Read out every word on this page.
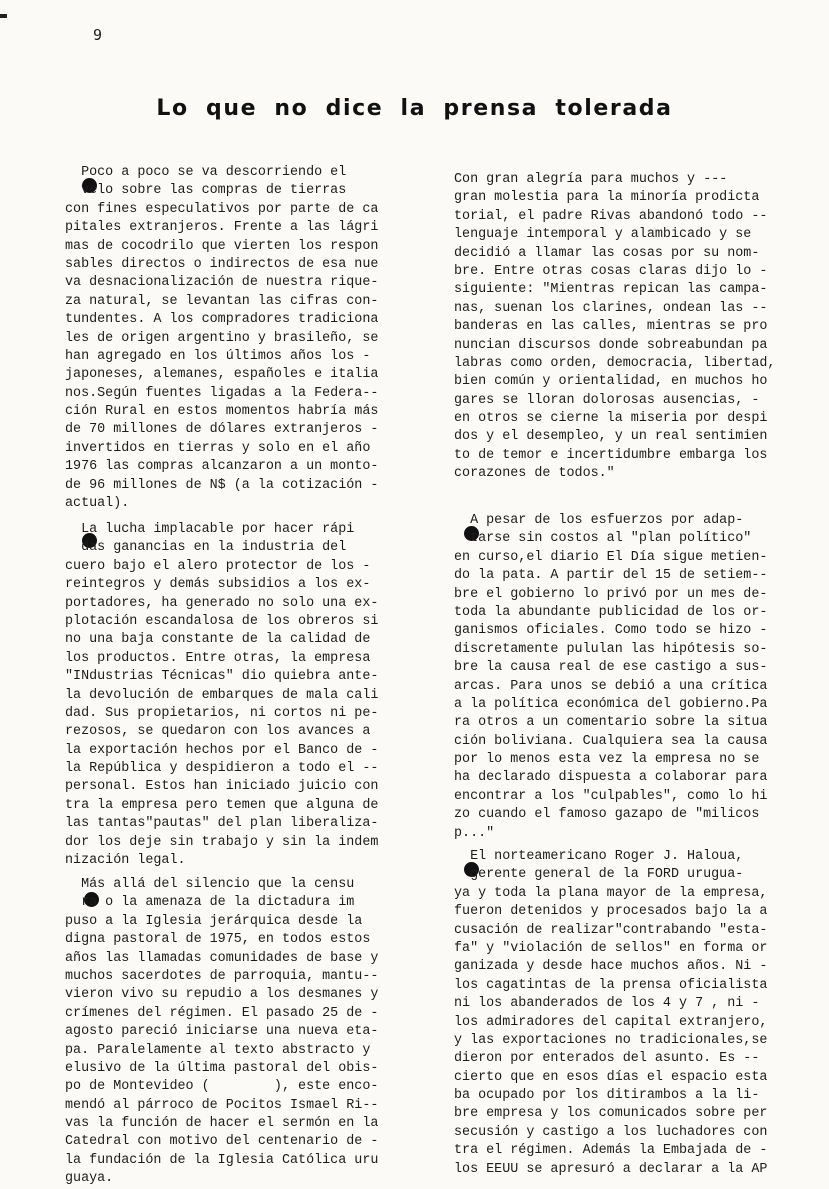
9
Lo que no dice la prensa tolerada
Poco a poco se va descorriendo el
velo sobre las compras de tierras
con fines especulativos por parte de ca
pitales extranjeros. Frente a las lágri
mas de cocodrilo que vierten los respon
sables directos o indirectos de esa nue
va desnacionalización de nuestra rique-
za natural, se levantan las cifras con-
tundentes. A los compradores tradiciona
les de origen argentino y brasileño, se
han agregado en los últimos años los -
japoneses, alemanes, españoles e italia
nos.Según fuentes ligadas a la Federa--
ción Rural en estos momentos habría más
de 70 millones de dólares extranjeros -
invertidos en tierras y solo en el año
1976 las compras alcanzaron a un monto-
de 96 millones de N$ (a la cotización -
actual).
La lucha implacable por hacer rápi
das ganancias en la industria del
cuero bajo el alero protector de los -
reintegros y demás subsidios a los ex-
portadores, ha generado no solo una ex-
plotación escandalosa de los obreros si
no una baja constante de la calidad de
los productos. Entre otras, la empresa
"INdustrias Técnicas" dio quiebra ante-
la devolución de embarques de mala cali
dad. Sus propietarios, ni cortos ni pe-
rezosos, se quedaron con los avances a
la exportación hechos por el Banco de -
la República y despidieron a todo el --
personal. Estos han iniciado juicio con
tra la empresa pero temen que alguna de
las tantas"pautas" del plan liberaliza-
dor los deje sin trabajo y sin la indem
nización legal.
Más allá del silencio que la censu
ra o la amenaza de la dictadura im
puso a la Iglesia jerárquica desde la
digna pastoral de 1975, en todos estos
años las llamadas comunidades de base y
muchos sacerdotes de parroquia, mantu--
vieron vivo su repudio a los desmanes y
crímenes del régimen. El pasado 25 de -
agosto pareció iniciarse una nueva eta-
pa. Paralelamente al texto abstracto y
elusivo de la última pastoral del obis-
po de Montevideo (        ), este enco-
mendó al párroco de Pocitos Ismael Ri--
vas la función de hacer el sermón en la
Catedral con motivo del centenario de -
la fundación de la Iglesia Católica uru
guaya.
Con gran alegría para muchos y ---
gran molestia para la minoría prodicta
torial, el padre Rivas abandonó todo --
lenguaje intemporal y alambicado y se
decidió a llamar las cosas por su nom-
bre. Entre otras cosas claras dijo lo -
siguiente: "Mientras repican las campa-
nas, suenan los clarines, ondean las --
banderas en las calles, mientras se pro
nuncian discursos donde sobreabundan pa
labras como orden, democracia, libertad,
bien común y orientalidad, en muchos ho
gares se lloran dolorosas ausencias, -
en otros se cierne la miseria por despi
dos y el desempleo, y un real sentimien
to de temor e incertidumbre embarga los
corazones de todos."
A pesar de los esfuerzos por adap-
tarse sin costos al "plan político"
en curso,el diario El Día sigue metien-
do la pata. A partir del 15 de setiem--
bre el gobierno lo privó por un mes de-
toda la abundante publicidad de los or-
ganismos oficiales. Como todo se hizo -
discretamente pululan las hipótesis so-
bre la causa real de ese castigo a sus-
arcas. Para unos se debió a una crítica
a la política económica del gobierno.Pa
ra otros a un comentario sobre la situa
ción boliviana. Cualquiera sea la causa
por lo menos esta vez la empresa no se
ha declarado dispuesta a colaborar para
encontrar a los "culpables", como lo hi
zo cuando el famoso gazapo de "milicos
p..."
El norteamericano Roger J. Haloua,
gerente general de la FORD urugua-
ya y toda la plana mayor de la empresa,
fueron detenidos y procesados bajo la a
cusación de realizar"contrabando "esta-
fa" y "violación de sellos" en forma or
ganizada y desde hace muchos años. Ni -
los cagatintas de la prensa oficialista
ni los abanderados de los 4 y 7 , ni -
los admiradores del capital extranjero,
y las exportaciones no tradicionales,se
dieron por enterados del asunto. Es --
cierto que en esos días el espacio esta
ba ocupado por los ditirambos a la li-
bre empresa y los comunicados sobre per
secusión y castigo a los luchadores con
tra el régimen. Además la Embajada de -
los EEUU se apresuró a declarar a la AP
